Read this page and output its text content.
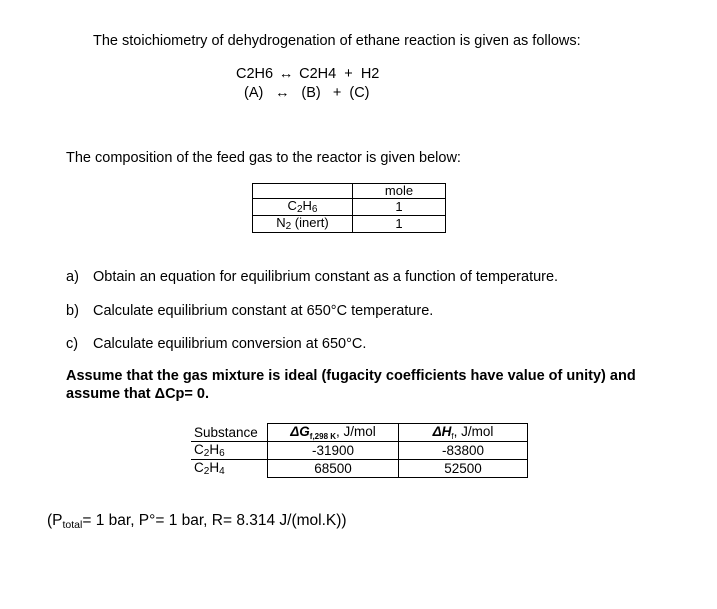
The stoichiometry of dehydrogenation of ethane reaction is given as follows:
C2H6 ↔ C2H4 + H2
(A) ↔ (B) + (C)
The composition of the feed gas to the reactor is given below:
	mole
C2H6	1
N2 (inert)	1
a) Obtain an equation for equilibrium constant as a function of temperature.
b) Calculate equilibrium constant at 650°C temperature.
c) Calculate equilibrium conversion at 650°C.
Assume that the gas mixture is ideal (fugacity coefficients have value of unity) and
assume that ΔCp= 0.
Substance	$\Delta G_{f,298 K}$, J/mol	$\Delta H_f$, J/mol
C2H6	-31900	-83800
C2H4	68500	52500
(Ptotal= 1 bar, P°= 1 bar, R= 8.314 J/(mol.K))
